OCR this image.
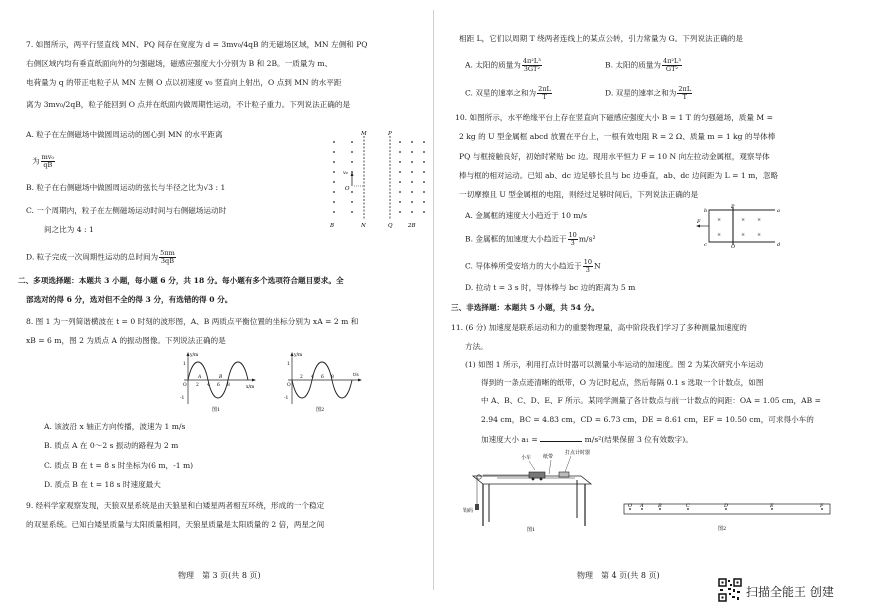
7. 如图所示，两平行竖直线 MN、PQ 间存在宽度为 d = 3mv₀/4qB 的无磁场区域，MN 左侧和 PQ
右侧区域内均有垂直纸面向外的匀强磁场，磁感应强度大小分别为 B 和 2B。一质量为 m、
电荷量为 q 的带正电粒子从 MN 左侧 O 点以初速度 v₀ 竖直向上射出，O 点到 MN 的水平距
离为 3mv₀/2qB，粒子能回到 O 点并在纸面内做周期性运动，不计粒子重力。下列说法正确的是
A. 粒子在左侧磁场中做圆周运动的圆心到 MN 的水平距离
为 $\frac{\text{mv₀}}{qB}$
B. 粒子在右侧磁场中做圆周运动的弦长与半径之比为√3 : 1
C. 一个周期内，粒子在左侧磁场运动时间与右侧磁场运动时
间之比为 4 : 1
D. 粒子完成一次周期性运动的总时间为 $\frac{5\pi m}{3qB}$
M	P
N	Q
O
v₀
B	2B
二、多项选择题：本题共 3 小题，每小题 6 分，共 18 分。每小题有多个选项符合题目要求。全
部选对的得 6 分，选对但不全的得 3 分，有选错的得 0 分。
8. 图 1 为一列简谐横波在 t = 0 时刻的波形图，A、B 两质点平衡位置的坐标分别为 xA = 2 m 和
xB = 6 m，图 2 为质点 A 的振动图像。下列说法正确的是
y/m
x/m
1
-1
O 2 4 6 8
A	B
图1
y/m
t/s
1
-1
O
2 4 6 8
图2
A. 该波沿 x 轴正方向传播，波速为 1 m/s
B. 质点 A 在 0～2 s 振动的路程为 2 m
C. 质点 B 在 t = 8 s 时坐标为(6 m，-1 m)
D. 质点 B 在 t = 18 s 时速度最大
9. 经科学家观察发现，天狼双星系统是由天狼星和白矮星两者相互环绕，形成的一个稳定
的双星系统。已知白矮星质量与太阳质量相同，天狼星质量是太阳质量的 2 倍，两星之间
物理　第 3 页(共 8 页)
相距 L，它们以周期 T 绕两者连线上的某点公转，引力常量为 G。下列说法正确的是
A. 太阳的质量为 $\frac{\text{4π²L³}}{\text{3GT²}}$	B. 太阳的质量为 $\frac{\text{4π²L³}}{\text{GT²}}$
C. 双星的速率之和为 $\frac{2\pi L}{T}$	D. 双星的速率之和为 $\frac{2\pi L}{T}$
10. 如图所示，水平绝缘平台上存在竖直向下磁感应强度大小 B = 1 T 的匀强磁场，质量 M =
2 kg 的 U 型金属框 abcd 放置在平台上，一根有效电阻 R = 2 Ω、质量 m = 1 kg 的导体棒
PQ 与框接触良好，初始时紧贴 bc 边。现用水平恒力 F = 10 N 向左拉动金属框，观察导体
棒与框的相对运动。已知 ab、dc 边足够长且与 bc 边垂直，ab、dc 边间距为 L = 1 m，忽略
一切摩擦且 U 型金属框的电阻，则经过足够时间后，下列说法正确的是
A. 金属框的速度大小趋近于 10 m/s
B. 金属框的加速度大小趋近于 $\frac{10}{3} m/s^2$
C. 导体棒所受安培力的大小趋近于 $\frac{10}{3}$ N
D. 拉动 t = 3 s 时，导体棒与 bc 边的距离为 5 m
×	× ×
×	× ×
F
a
b
c	d
P
Q
三、非选择题：本题共 5 小题，共 54 分。
11. (6 分) 加速度是联系运动和力的重要物理量，高中阶段我们学习了多种测量加速度的
方法。
(1) 如图 1 所示，利用打点计时器可以测量小车运动的加速度。图 2 为某次研究小车运动
得到的一条点迹清晰的纸带，O 为记时起点，然后每隔 0.1 s 选取一个计数点，如图
中 A、B、C、D、E、F 所示。某同学测量了各计数点与前一计数点的间距：OA = 1.05 cm，AB =
2.94 cm，BC = 4.83 cm，CD = 6.73 cm，DE = 8.61 cm，EF = 10.50 cm，可求得小车的
加速度大小 a₁ =	m/s²(结果保留 3 位有效数字)。
小车 纸带
打点计时器
钩码
图1
O A	B	C	D	E	F
图2
物理　第 4 页(共 8 页)
扫描全能王 创建
